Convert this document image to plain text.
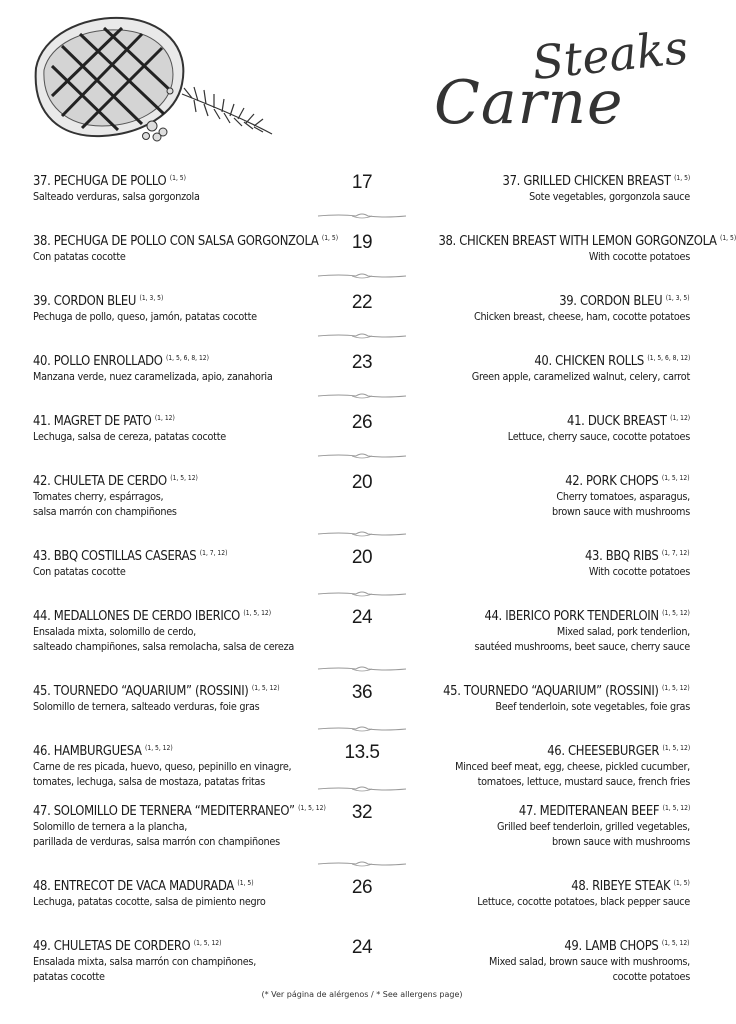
Steaks
Carne
37. PECHUGA DE POLLO $^{(1, 5)}$
Salteado verduras, salsa gorgonzola
17	37. GRILLED CHICKEN BREAST $^{(1, 5)}$
Sote vegetables, gorgonzola sauce
38. PECHUGA DE POLLO CON SALSA GORGONZOLA $^{(1, 5)}$
Con patatas cocotte
19	38. CHICKEN BREAST WITH LEMON GORGONZOLA $^{(1, 5)}$
With cocotte potatoes
39. CORDON BLEU $^{(1, 3, 5)}$
Pechuga de pollo, queso, jamón, patatas cocotte
22	39. CORDON BLEU $^{(1, 3, 5)}$
Chicken breast, cheese, ham, cocotte potatoes
40. POLLO ENROLLADO $^{(1, 5, 6, 8, 12)}$
Manzana verde, nuez caramelizada, apio, zanahoria
23	40. CHICKEN ROLLS $^{(1, 5, 6, 8, 12)}$
Green apple, caramelized walnut, celery, carrot
41. MAGRET DE PATO $^{(1, 12)}$
Lechuga, salsa de cereza, patatas cocotte
26	41. DUCK BREAST $^{(1, 12)}$
Lettuce, cherry sauce, cocotte potatoes
42. CHULETA DE CERDO $^{(1, 5, 12)}$
Tomates cherry, espárragos,
salsa marrón con champiñones
20	42. PORK CHOPS $^{(1, 5, 12)}$
Cherry tomatoes, asparagus,
brown sauce with mushrooms
43. BBQ COSTILLAS CASERAS $^{(1, 7, 12)}$
Con patatas cocotte
20	43. BBQ RIBS $^{(1, 7, 12)}$
With cocotte potatoes
44. MEDALLONES DE CERDO IBERICO $^{(1, 5, 12)}$
Ensalada mixta, solomillo de cerdo,
salteado champiñones, salsa remolacha, salsa de cereza
24	44. IBERICO PORK TENDERLOIN $^{(1, 5, 12)}$
Mixed salad, pork tenderlion,
sautéed mushrooms, beet sauce, cherry sauce
45. TOURNEDO “AQUARIUM” (ROSSINI) $^{(1, 5, 12)}$
Solomillo de ternera, salteado verduras, foie gras
36	45. TOURNEDO “AQUARIUM” (ROSSINI) $^{(1, 5, 12)}$
Beef tenderloin, sote vegetables, foie gras
46. HAMBURGUESA $^{(1, 5, 12)}$
Carne de res picada, huevo, queso, pepinillo en vinagre,
tomates, lechuga, salsa de mostaza, patatas fritas
13.5	46. CHEESEBURGER $^{(1, 5, 12)}$
Minced beef meat, egg, cheese, pickled cucumber,
tomatoes, lettuce, mustard sauce, french fries
47. SOLOMILLO DE TERNERA “MEDITERRANEO” $^{(1, 5, 12)}$
Solomillo de ternera a la plancha,
parillada de verduras, salsa marrón con champiñones
32	47. MEDITERANEAN BEEF $^{(1, 5, 12)}$
Grilled beef tenderloin, grilled vegetables,
brown sauce with mushrooms
48. ENTRECOT DE VACA MADURADA $^{(1, 5)}$
Lechuga, patatas cocotte, salsa de pimiento negro
26	48. RIBEYE STEAK $^{(1, 5)}$
Lettuce, cocotte potatoes, black pepper sauce
49. CHULETAS DE CORDERO $^{(1, 5, 12)}$
Ensalada mixta, salsa marrón con champiñones,
patatas cocotte
24	49. LAMB CHOPS $^{(1, 5, 12)}$
Mixed salad, brown sauce with mushrooms,
cocotte potatoes
(* Ver página de alérgenos / * See allergens page)
